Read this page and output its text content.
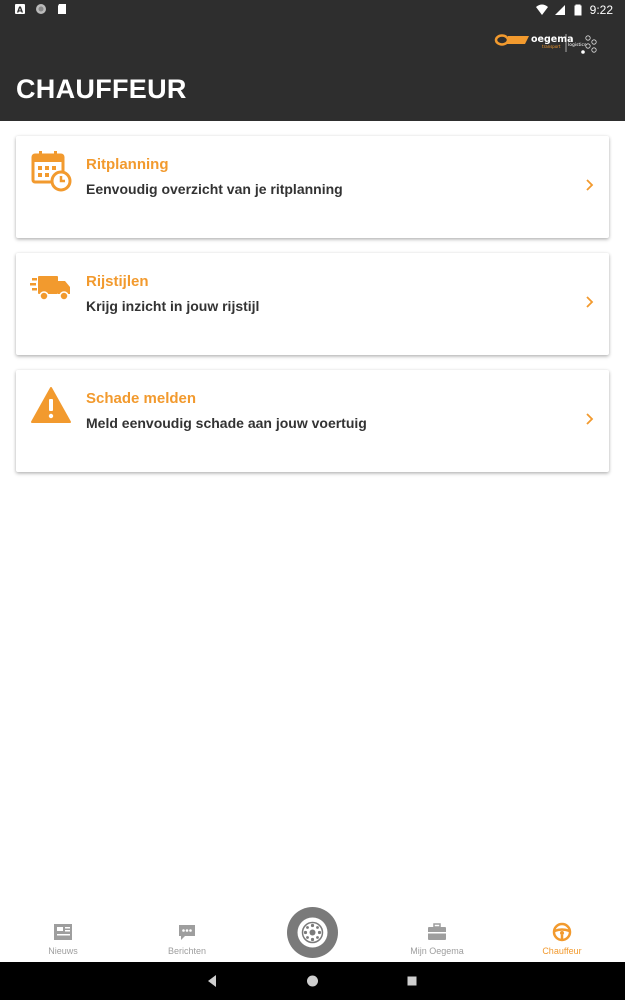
A	9:22
oegema
transport logistics
CHAUFFEUR
Ritplanning
Eenvoudig overzicht van je ritplanning
Rijstijlen
Krijg inzicht in jouw rijstijl
Schade melden
Meld eenvoudig schade aan jouw voertuig
Nieuws	Berichten	Mijn Oegema	Chauffeur
